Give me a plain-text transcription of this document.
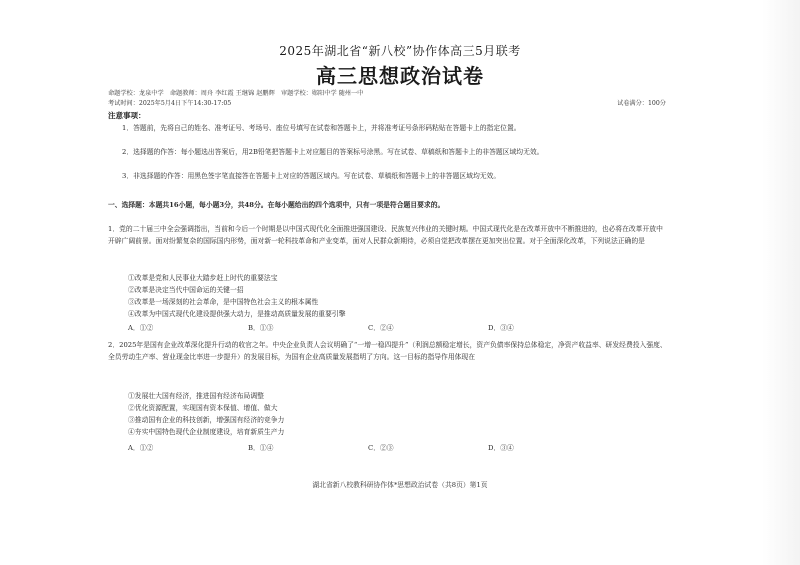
2025年湖北省“新八校”协作体高三5月联考
高三思想政治试卷
命题学校：龙泉中学　命题教师：周舟 李红霞 王继锦 赵鹏辉　审题学校：郧阳中学 随州一中
考试时间：2025年5月4日下午14:30-17:05	试卷满分：100分
注意事项：
1．答题前，先将自己的姓名、准考证号、考场号、座位号填写在试卷和答题卡上，并将准考证号条形码粘贴在答题卡上的指定位置。
2．选择题的作答：每小题选出答案后，用2B铅笔把答题卡上对应题目的答案标号涂黑。写在试卷、草稿纸和答题卡上的非答题区域均无效。
3．非选择题的作答：用黑色签字笔直接答在答题卡上对应的答题区域内。写在试卷、草稿纸和答题卡上的非答题区域均无效。
一、选择题：本题共16小题，每小题3分，共48分。在每小题给出的四个选项中，只有一项是符合题目要求的。
1．党的二十届三中全会强调指出，当前和今后一个时期是以中国式现代化全面推进强国建设、民族复兴伟业的关键时期。中国式现代化是在改革开放中不断推进的，也必将在改革开放中开辟广阔前景。面对纷繁复杂的国际国内形势，面对新一轮科技革命和产业变革，面对人民群众新期待，必须自觉把改革摆在更加突出位置。对于全面深化改革，下列说法正确的是
①改革是党和人民事业大踏步赶上时代的重要法宝
②改革是决定当代中国命运的关键一招
③改革是一场深刻的社会革命，是中国特色社会主义的根本属性
④改革为中国式现代化建设提供强大动力，是推动高质量发展的重要引擎
A．①②	B．①③	C．②④	D．③④
2．2025年是国有企业改革深化提升行动的收官之年。中央企业负责人会议明确了“一增一稳四提升”（利润总额稳定增长，资产负债率保持总体稳定，净资产收益率、研发经费投入强度、全员劳动生产率、营业现金比率进一步提升）的发展目标，为国有企业高质量发展指明了方向。这一目标的指导作用体现在
①发展壮大国有经济，推进国有经济布局调整
②优化资源配置，实现国有资本保值、增值、做大
③推动国有企业的科技创新，增强国有经济的竞争力
④夯实中国特色现代企业制度建设，培育新质生产力
A．①②	B．①④	C．②③	D．③④
湖北省新八校教科研协作体*思想政治试卷（共8页）第1页
